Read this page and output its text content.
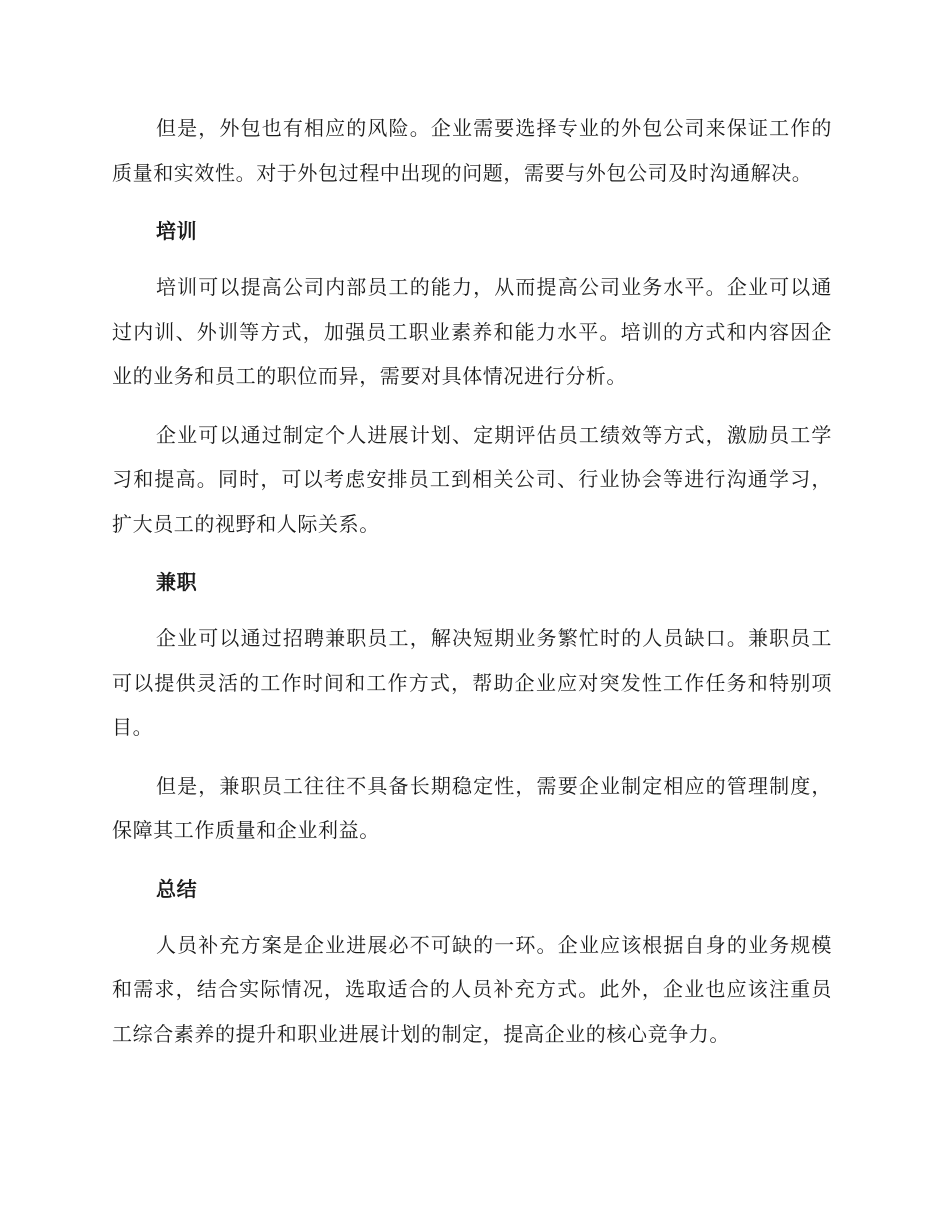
但是，外包也有相应的风险。企业需要选择专业的外包公司来保证工作的质量和实效性。对于外包过程中出现的问题，需要与外包公司及时沟通解决。

培训

培训可以提高公司内部员工的能力，从而提高公司业务水平。企业可以通过内训、外训等方式，加强员工职业素养和能力水平。培训的方式和内容因企业的业务和员工的职位而异，需要对具体情况进行分析。

企业可以通过制定个人进展计划、定期评估员工绩效等方式，激励员工学习和提高。同时，可以考虑安排员工到相关公司、行业协会等进行沟通学习，扩大员工的视野和人际关系。

兼职

企业可以通过招聘兼职员工，解决短期业务繁忙时的人员缺口。兼职员工可以提供灵活的工作时间和工作方式，帮助企业应对突发性工作任务和特别项目。

但是，兼职员工往往不具备长期稳定性，需要企业制定相应的管理制度，保障其工作质量和企业利益。

总结

人员补充方案是企业进展必不可缺的一环。企业应该根据自身的业务规模和需求，结合实际情况，选取适合的人员补充方式。此外，企业也应该注重员工综合素养的提升和职业进展计划的制定，提高企业的核心竞争力。
